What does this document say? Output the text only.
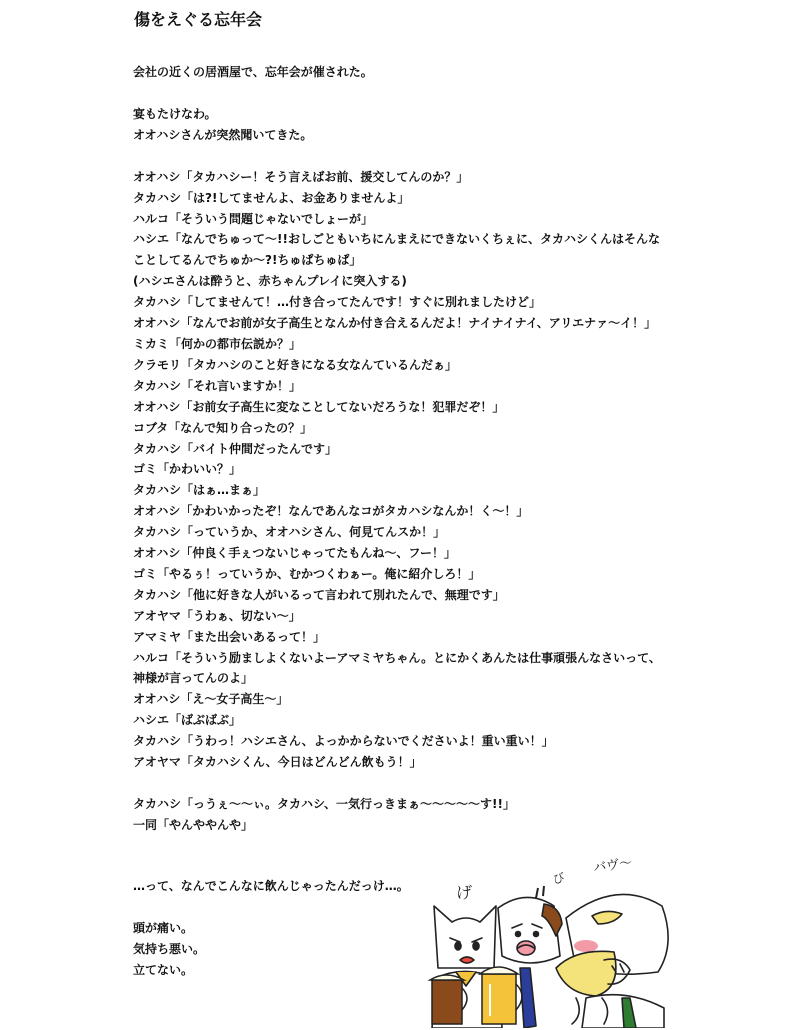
傷をえぐる忘年会
会社の近くの居酒屋で、忘年会が催された。
宴もたけなわ。
オオハシさんが突然聞いてきた。
オオハシ「タカハシー！そう言えばお前、援交してんのか？」
タカハシ「は?!してませんよ、お金ありませんよ」
ハルコ「そういう問題じゃないでしょーが」
ハシエ「なんでちゅって〜!!おしごともいちにんまえにできないくちぇに、タカハシくんはそんな
ことしてるんでちゅか〜?!ちゅぱちゅぱ」
(ハシエさんは酔うと、赤ちゃんプレイに突入する)
タカハシ「してませんて！…付き合ってたんです！すぐに別れましたけど」
オオハシ「なんでお前が女子高生となんか付き合えるんだよ！ナイナイナイ、アリエナァ〜イ！」
ミカミ「何かの都市伝説か？」
クラモリ「タカハシのこと好きになる女なんているんだぁ」
タカハシ「それ言いますか！」
オオハシ「お前女子高生に変なことしてないだろうな！犯罪だぞ！」
コブタ「なんで知り合ったの？」
タカハシ「バイト仲間だったんです」
ゴミ「かわいい？」
タカハシ「はぁ…まぁ」
オオハシ「かわいかったぞ！なんであんなコがタカハシなんか！く〜！」
タカハシ「っていうか、オオハシさん、何見てんスか！」
オオハシ「仲良く手ぇつないじゃってたもんね〜、フー！」
ゴミ「やるぅ！っていうか、むかつくわぁー。俺に紹介しろ！」
タカハシ「他に好きな人がいるって言われて別れたんで、無理です」
アオヤマ「うわぁ、切ない〜」
アマミヤ「また出会いあるって！」
ハルコ「そういう励ましよくないよーアマミヤちゃん。とにかくあんたは仕事頑張んなさいって、
神様が言ってんのよ」
オオハシ「え〜女子高生〜」
ハシエ「ばぶばぶ」
タカハシ「うわっ！ハシエさん、よっかからないでくださいよ！重い重い！」
アオヤマ「タカハシくん、今日はどんどん飲もう！」
タカハシ「っうぇ〜〜ぃ。タカハシ、一気行っきまぁ〜〜〜〜〜す!!」
一同「やんややんや」
…って、なんでこんなに飲んじゃったんだっけ…。
頭が痛い。
気持ち悪い。
立てない。
げ
び
バヴ〜
